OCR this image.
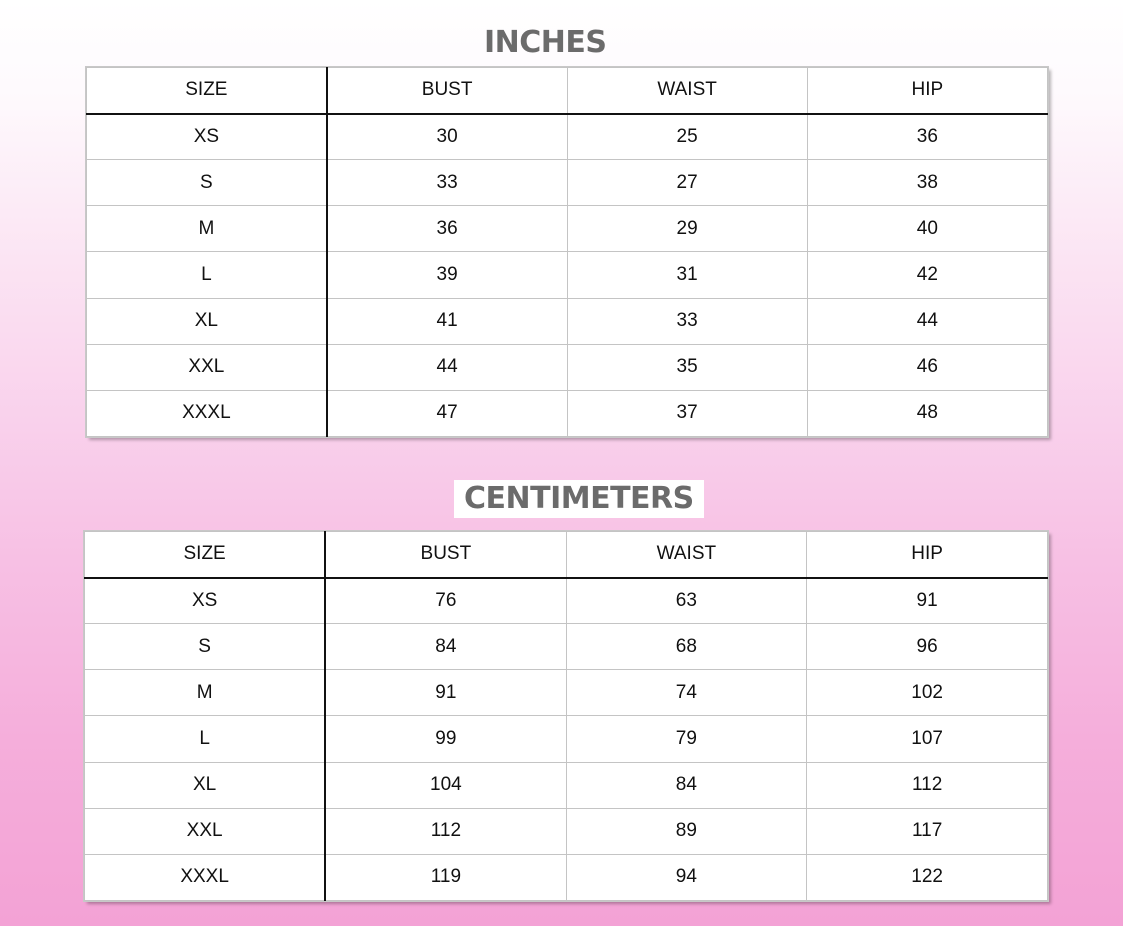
INCHES
SIZE	BUST	WAIST	HIP
XS	30	25	36
S	33	27	38
M	36	29	40
L	39	31	42
XL	41	33	44
XXL	44	35	46
XXXL	47	37	48
CENTIMETERS
SIZE	BUST	WAIST	HIP
XS	76	63	91
S	84	68	96
M	91	74	102
L	99	79	107
XL	104	84	112
XXL	112	89	117
XXXL	119	94	122
